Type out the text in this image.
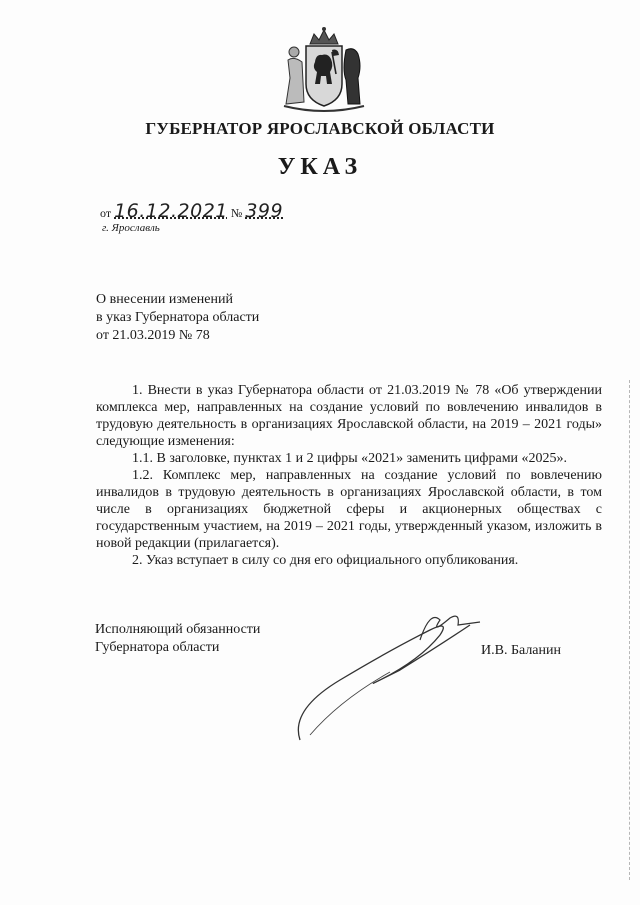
ГУБЕРНАТОР ЯРОСЛАВСКОЙ ОБЛАСТИ
УКАЗ
от 16.12.2021 № 399
г. Ярославль
О внесении изменений
в указ Губернатора области
от 21.03.2019 № 78
1. Внести в указ Губернатора области от 21.03.2019 № 78 «Об утверждении комплекса мер, направленных на создание условий по вовлечению инвалидов в трудовую деятельность в организациях Ярославской области, на 2019 – 2021 годы» следующие изменения:
1.1. В заголовке, пунктах 1 и 2 цифры «2021» заменить цифрами «2025».
1.2. Комплекс мер, направленных на создание условий по вовлечению инвалидов в трудовую деятельность в организациях Ярославской области, в том числе в организациях бюджетной сферы и акционерных обществах с государственным участием, на 2019 – 2021 годы, утвержденный указом, изложить в новой редакции (прилагается).
2. Указ вступает в силу со дня его официального опубликования.
Исполняющий обязанности
Губернатора области	И.В. Баланин
